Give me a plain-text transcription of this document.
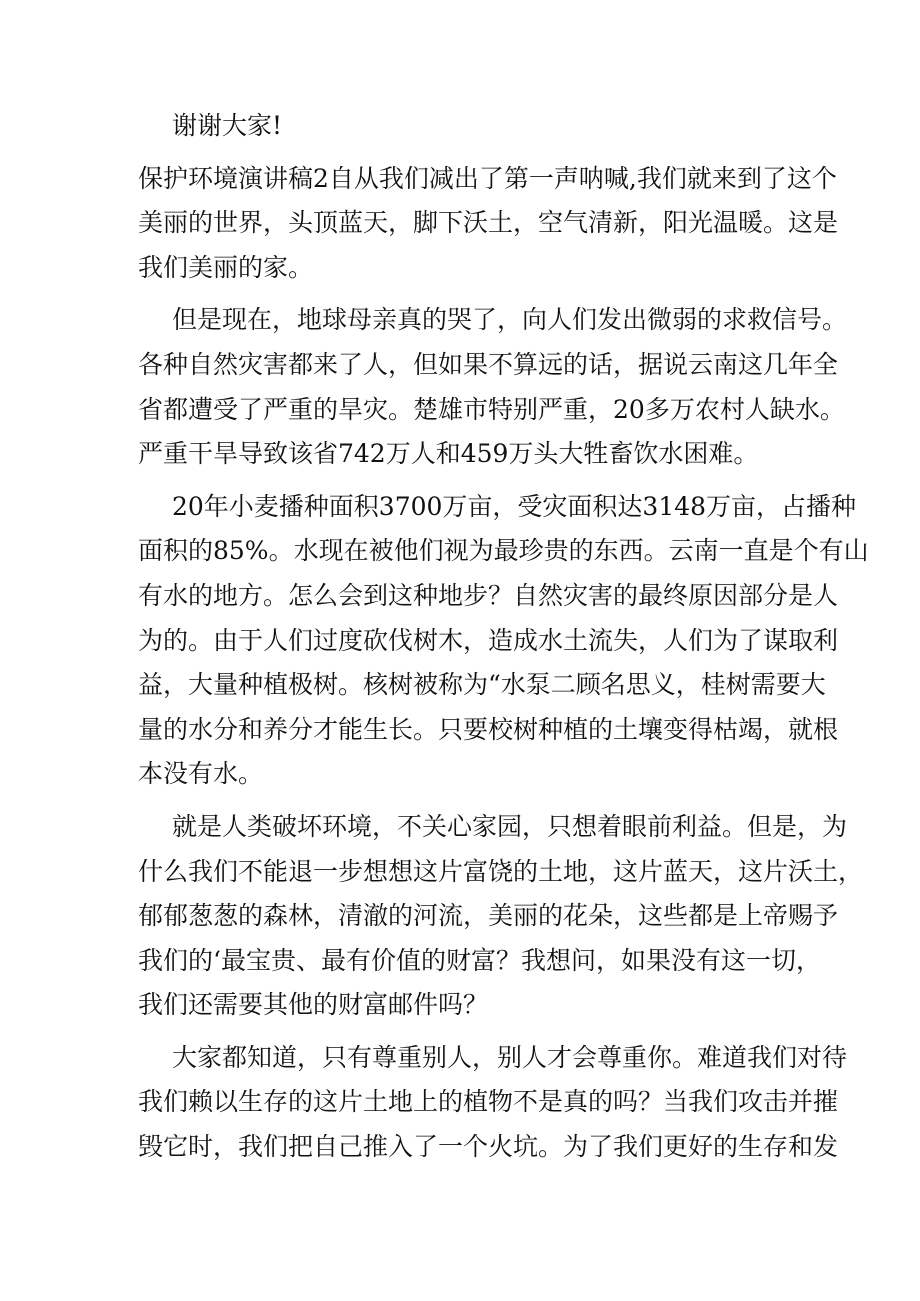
谢谢大家!
保护环境演讲稿2自从我们减出了第一声呐喊,我们就来到了这个
美丽的世界，头顶蓝天，脚下沃土，空气清新，阳光温暖。这是
我们美丽的家。
但是现在，地球母亲真的哭了，向人们发出微弱的求救信号。
各种自然灾害都来了人，但如果不算远的话，据说云南这几年全
省都遭受了严重的旱灾。楚雄市特别严重，20多万农村人缺水。
严重干旱导致该省742万人和459万头大牲畜饮水困难。
20年小麦播种面积3700万亩，受灾面积达3148万亩，占播种
面积的85%。水现在被他们视为最珍贵的东西。云南一直是个有山
有水的地方。怎么会到这种地步？自然灾害的最终原因部分是人
为的。由于人们过度砍伐树木，造成水土流失，人们为了谋取利
益，大量种植极树。核树被称为“水泵二顾名思义，桂树需要大
量的水分和养分才能生长。只要校树种植的土壤变得枯竭，就根
本没有水。
就是人类破坏环境，不关心家园，只想着眼前利益。但是，为
什么我们不能退一步想想这片富饶的土地，这片蓝天，这片沃土，
郁郁葱葱的森林，清澈的河流，美丽的花朵，这些都是上帝赐予
我们的‘最宝贵、最有价值的财富？我想问，如果没有这一切，
我们还需要其他的财富邮件吗？
大家都知道，只有尊重别人，别人才会尊重你。难道我们对待
我们赖以生存的这片土地上的植物不是真的吗？当我们攻击并摧
毁它时，我们把自己推入了一个火坑。为了我们更好的生存和发
